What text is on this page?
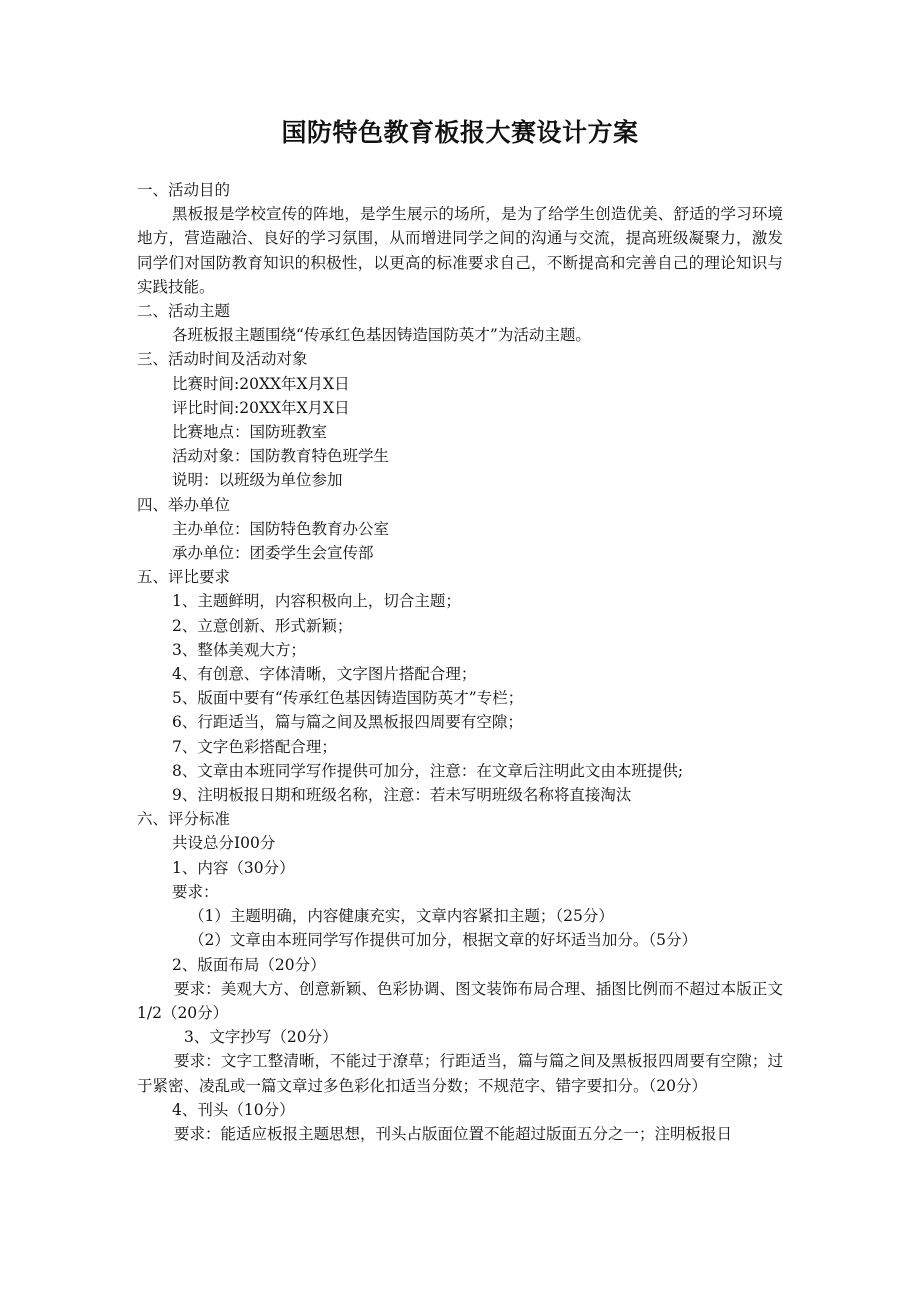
国防特色教育板报大赛设计方案

一、活动目的

黑板报是学校宣传的阵地，是学生展示的场所，是为了给学生创造优美、舒适的学习环境地方，营造融洽、良好的学习氛围，从而增进同学之间的沟通与交流，提高班级凝聚力，激发同学们对国防教育知识的积极性，以更高的标准要求自己，不断提高和完善自己的理论知识与实践技能。

二、活动主题

各班板报主题围绕“传承红色基因铸造国防英才”为活动主题。

三、活动时间及活动对象

比赛时间:20XX年X月X日

评比时间:20XX年X月X日

比赛地点：国防班教室

活动对象：国防教育特色班学生

说明：以班级为单位参加

四、举办单位

主办单位：国防特色教育办公室

承办单位：团委学生会宣传部

五、评比要求

1、主题鲜明，内容积极向上，切合主题；

2、立意创新、形式新颖；

3、整体美观大方；

4、有创意、字体清晰，文字图片搭配合理；

5、版面中要有“传承红色基因铸造国防英才”专栏；

6、行距适当，篇与篇之间及黑板报四周要有空隙；

7、文字色彩搭配合理；

8、文章由本班同学写作提供可加分，注意：在文章后注明此文由本班提供;

9、注明板报日期和班级名称，注意：若未写明班级名称将直接淘汰

六、评分标准

共设总分I00分

1、内容（30分）

要求：

（1）主题明确，内容健康充实，文章内容紧扣主题；（25分）

（2）文章由本班同学写作提供可加分，根据文章的好坏适当加分。（5分）

2、版面布局（20分）

要求：美观大方、创意新颖、色彩协调、图文装饰布局合理、插图比例而不超过本版正文1/2（20分）

3、文字抄写（20分）

要求：文字工整清晰，不能过于潦草；行距适当，篇与篇之间及黑板报四周要有空隙；过于紧密、凌乱或一篇文章过多色彩化扣适当分数；不规范字、错字要扣分。（20分）

4、刊头（10分）

要求：能适应板报主题思想，刊头占版面位置不能超过版面五分之一；注明板报日
